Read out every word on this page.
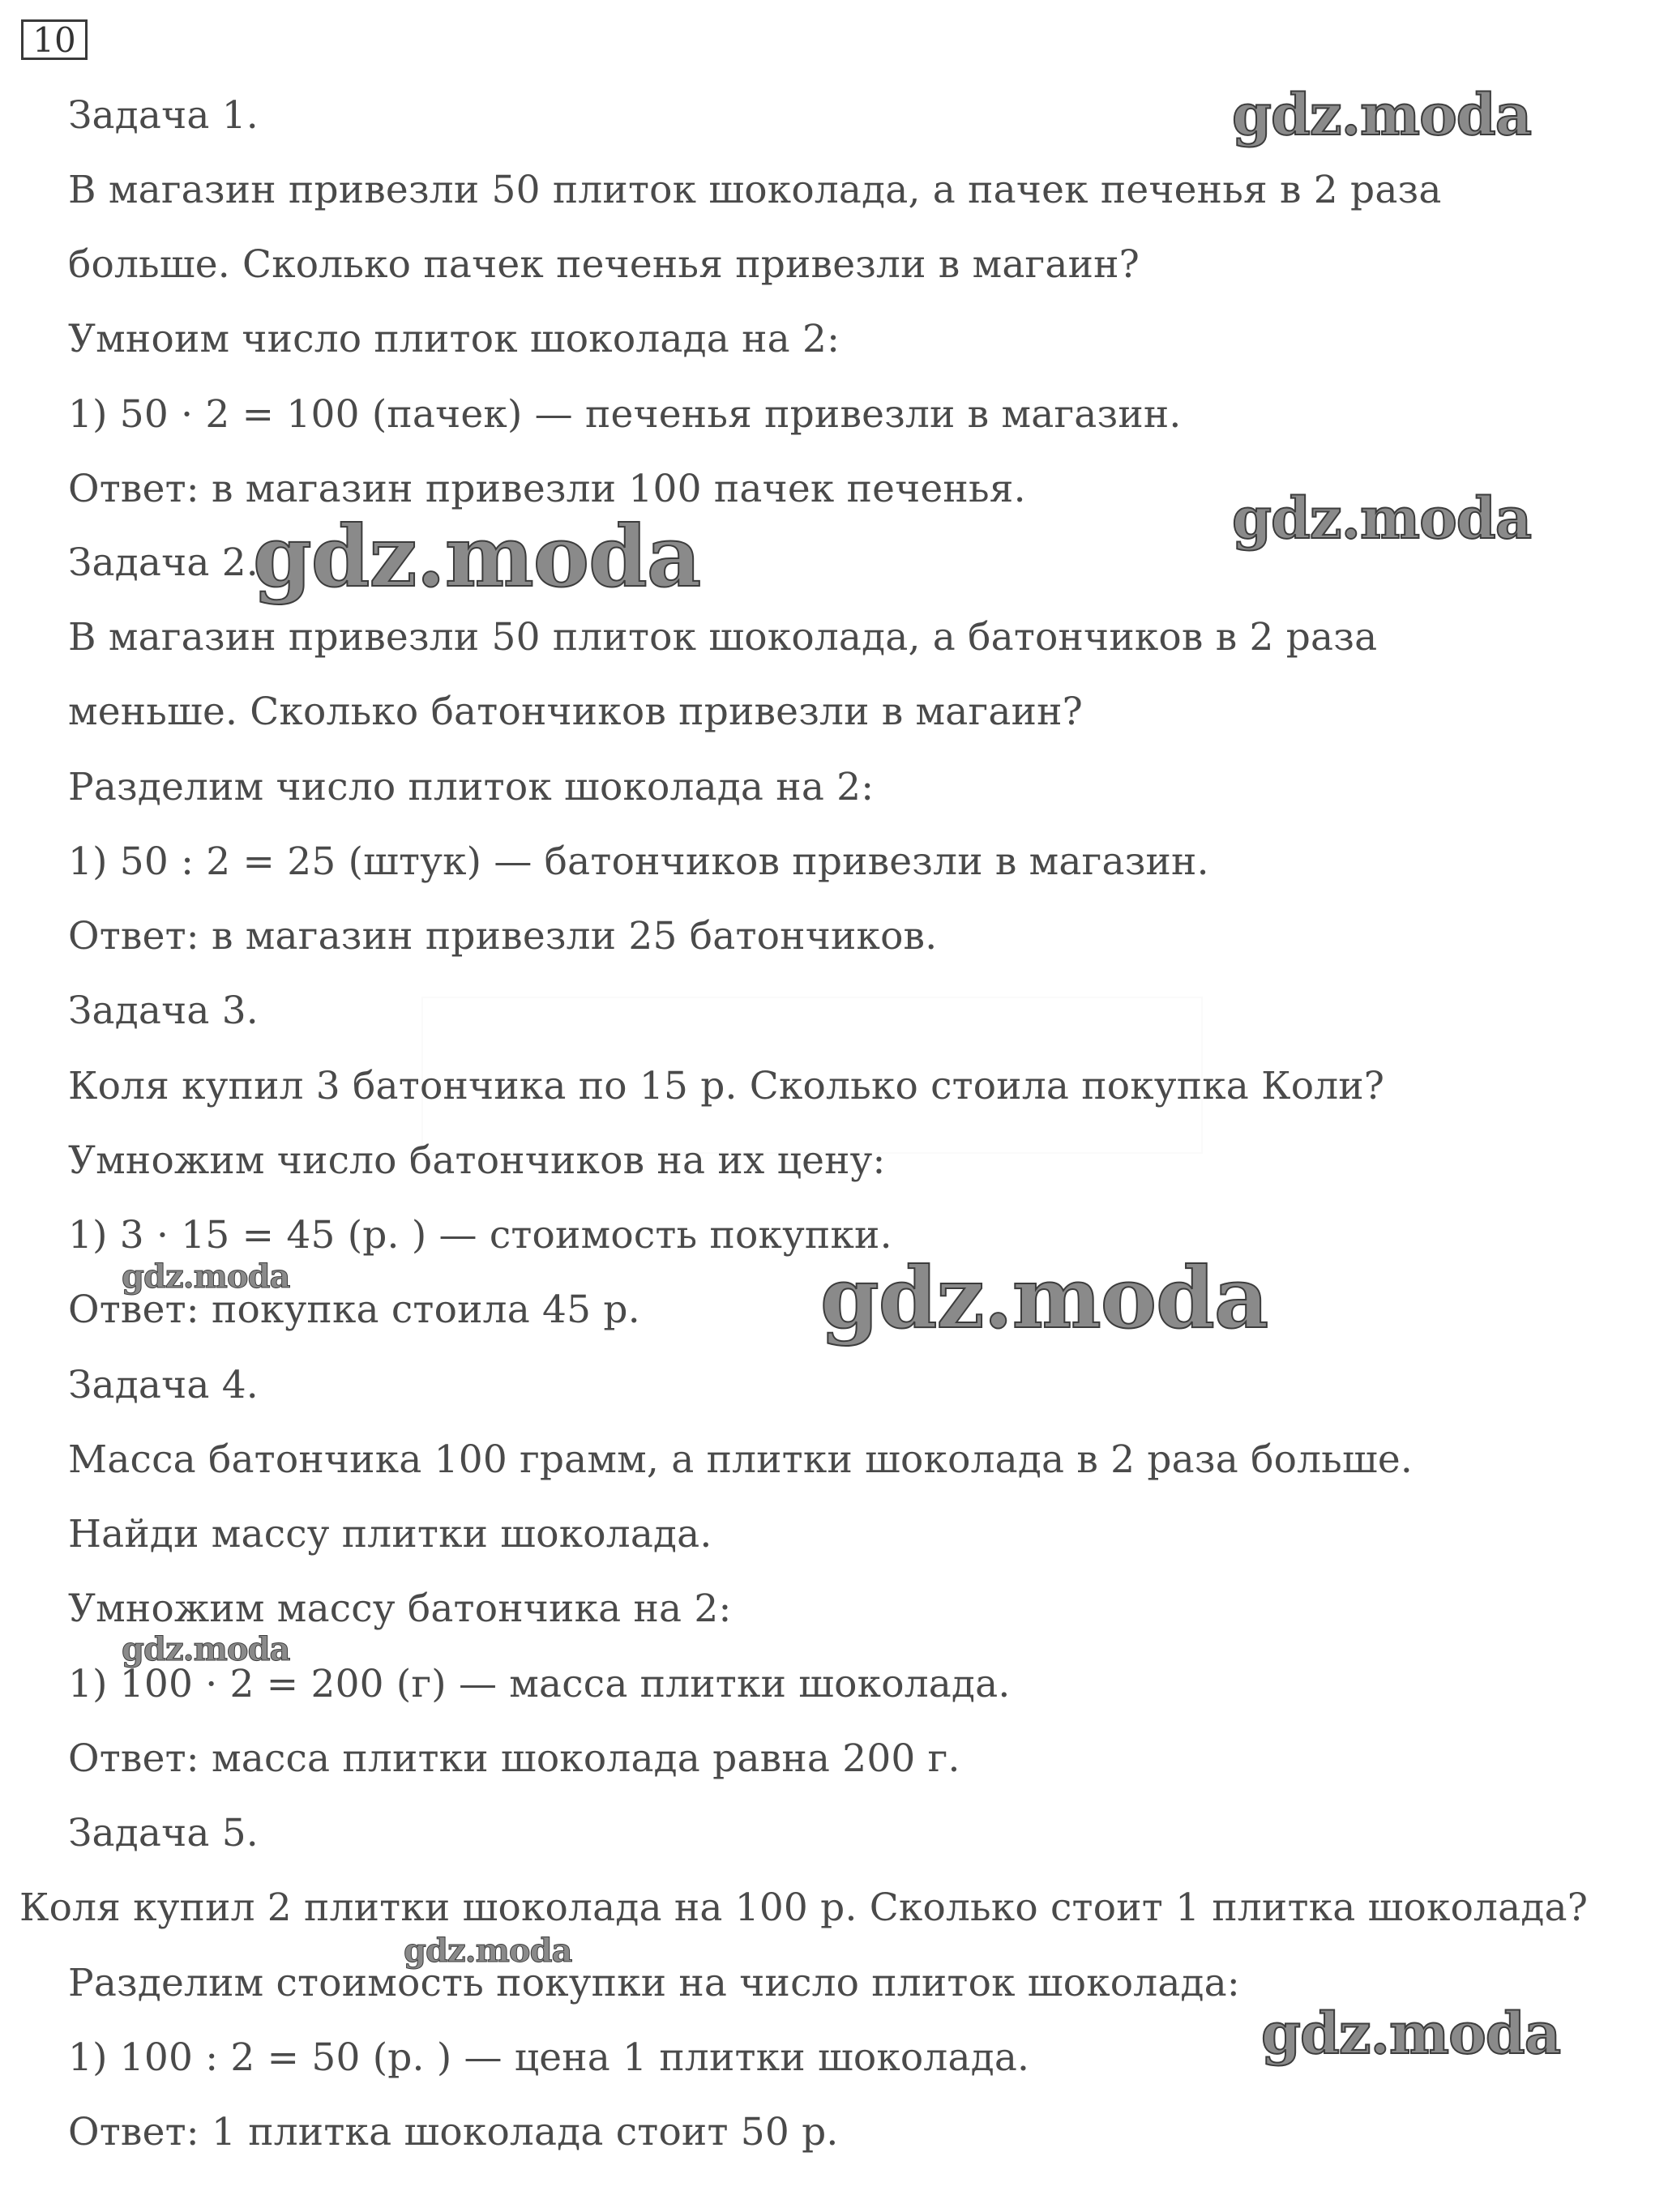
10
Задача 1.
В магазин привезли 50 плиток шоколада, а пачек печенья в 2 раза
больше. Сколько пачек печенья привезли в магаин?
Умноим число плиток шоколада на 2:
1) 50 · 2 = 100 (пачек) — печенья привезли в магазин.
Ответ: в магазин привезли 100 пачек печенья.
Задача 2.
В магазин привезли 50 плиток шоколада, а батончиков в 2 раза
меньше. Сколько батончиков привезли в магаин?
Разделим число плиток шоколада на 2:
1) 50 : 2 = 25 (штук) — батончиков привезли в магазин.
Ответ: в магазин привезли 25 батончиков.
Задача 3.
Коля купил 3 батончика по 15 р. Сколько стоила покупка Коли?
Умножим число батончиков на их цену:
1) 3 · 15 = 45 (р. ) — стоимость покупки.
Ответ: покупка стоила 45 р.
Задача 4.
Масса батончика 100 грамм, а плитки шоколада в 2 раза больше.
Найди массу плитки шоколада.
Умножим массу батончика на 2:
1) 100 · 2 = 200 (г) — масса плитки шоколада.
Ответ: масса плитки шоколада равна 200 г.
Задача 5.
Коля купил 2 плитки шоколада на 100 р. Сколько стоит 1 плитка шоколада?
Разделим стоимость покупки на число плиток шоколада:
1) 100 : 2 = 50 (р. ) — цена 1 плитки шоколада.
Ответ: 1 плитка шоколада стоит 50 р.
gdz.moda
gdz.moda
gdz.moda
gdz.moda
gdz.moda
gdz.moda
gdz.moda
gdz.moda
